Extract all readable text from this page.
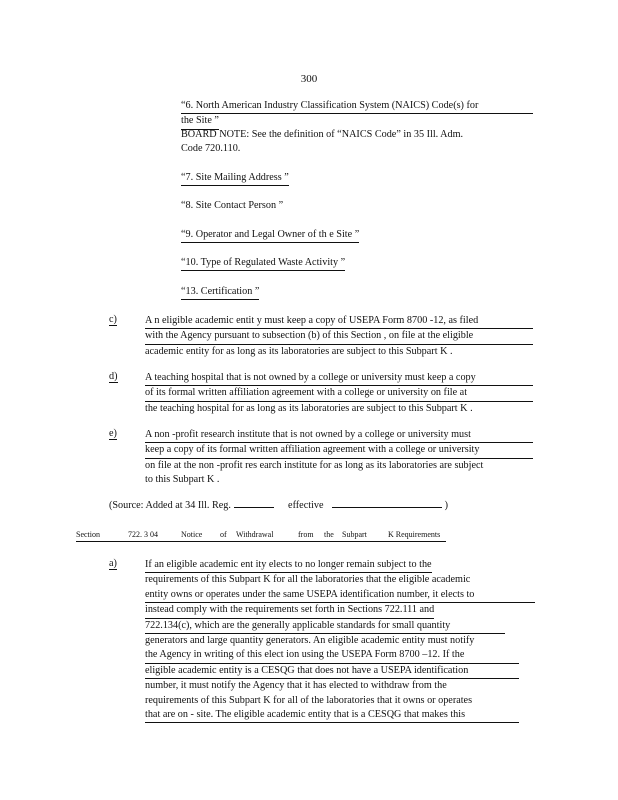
300
“6. North American Industry Classification System (NAICS) Code(s) for
the Site ”
BOARD NOTE: See the definition of “NAICS Code” in 35 Ill. Adm.
Code 720.110.
“7. Site Mailing Address ”
“8. Site Contact Person ”
“9. Operator and Legal Owner of th e Site ”
“10. Type of Regulated Waste Activity ”
“13. Certification ”
c)	A n eligible academic entit y must keep a copy of USEPA Form 8700 -12, as filed
with the Agency pursuant to subsection (b) of this Section , on file at the eligible
academic entity for as long as its laboratories are subject to this Subpart K .
d)	A teaching hospital that is not owned by a college or university must keep a copy
of its formal written affiliation agreement with a college or university on file at
the teaching hospital for as long as its laboratories are subject to this Subpart K .
e)	A non -profit research institute that is not owned by a college or university must
keep a copy of its formal written affiliation agreement with a college or university
on file at the non -profit res earch institute for as long as its laboratories are subject
to this Subpart K .
(Source: Added at 34 Ill. Reg.	effective	)
Section	722. 3 04	Notice of Withdrawal	from the Subpart	K Requirements
a)	If an eligible academic ent ity elects to no longer remain subject to the
requirements of this Subpart K for all the laboratories that the eligible academic
entity owns or operates under the same USEPA identification number, it elects to
instead comply with the requirements set forth in Sections 722.111 and
722.134(c), which are the generally applicable standards for small quantity
generators and large quantity generators. An eligible academic entity must notify
the Agency in writing of this elect ion using the USEPA Form 8700 –12. If the
eligible academic entity is a CESQG that does not have a USEPA identification
number, it must notify the Agency that it has elected to withdraw from the
requirements of this Subpart K for all of the laboratories that it owns or operates
that are on - site. The eligible academic entity that is a CESQG that makes this
